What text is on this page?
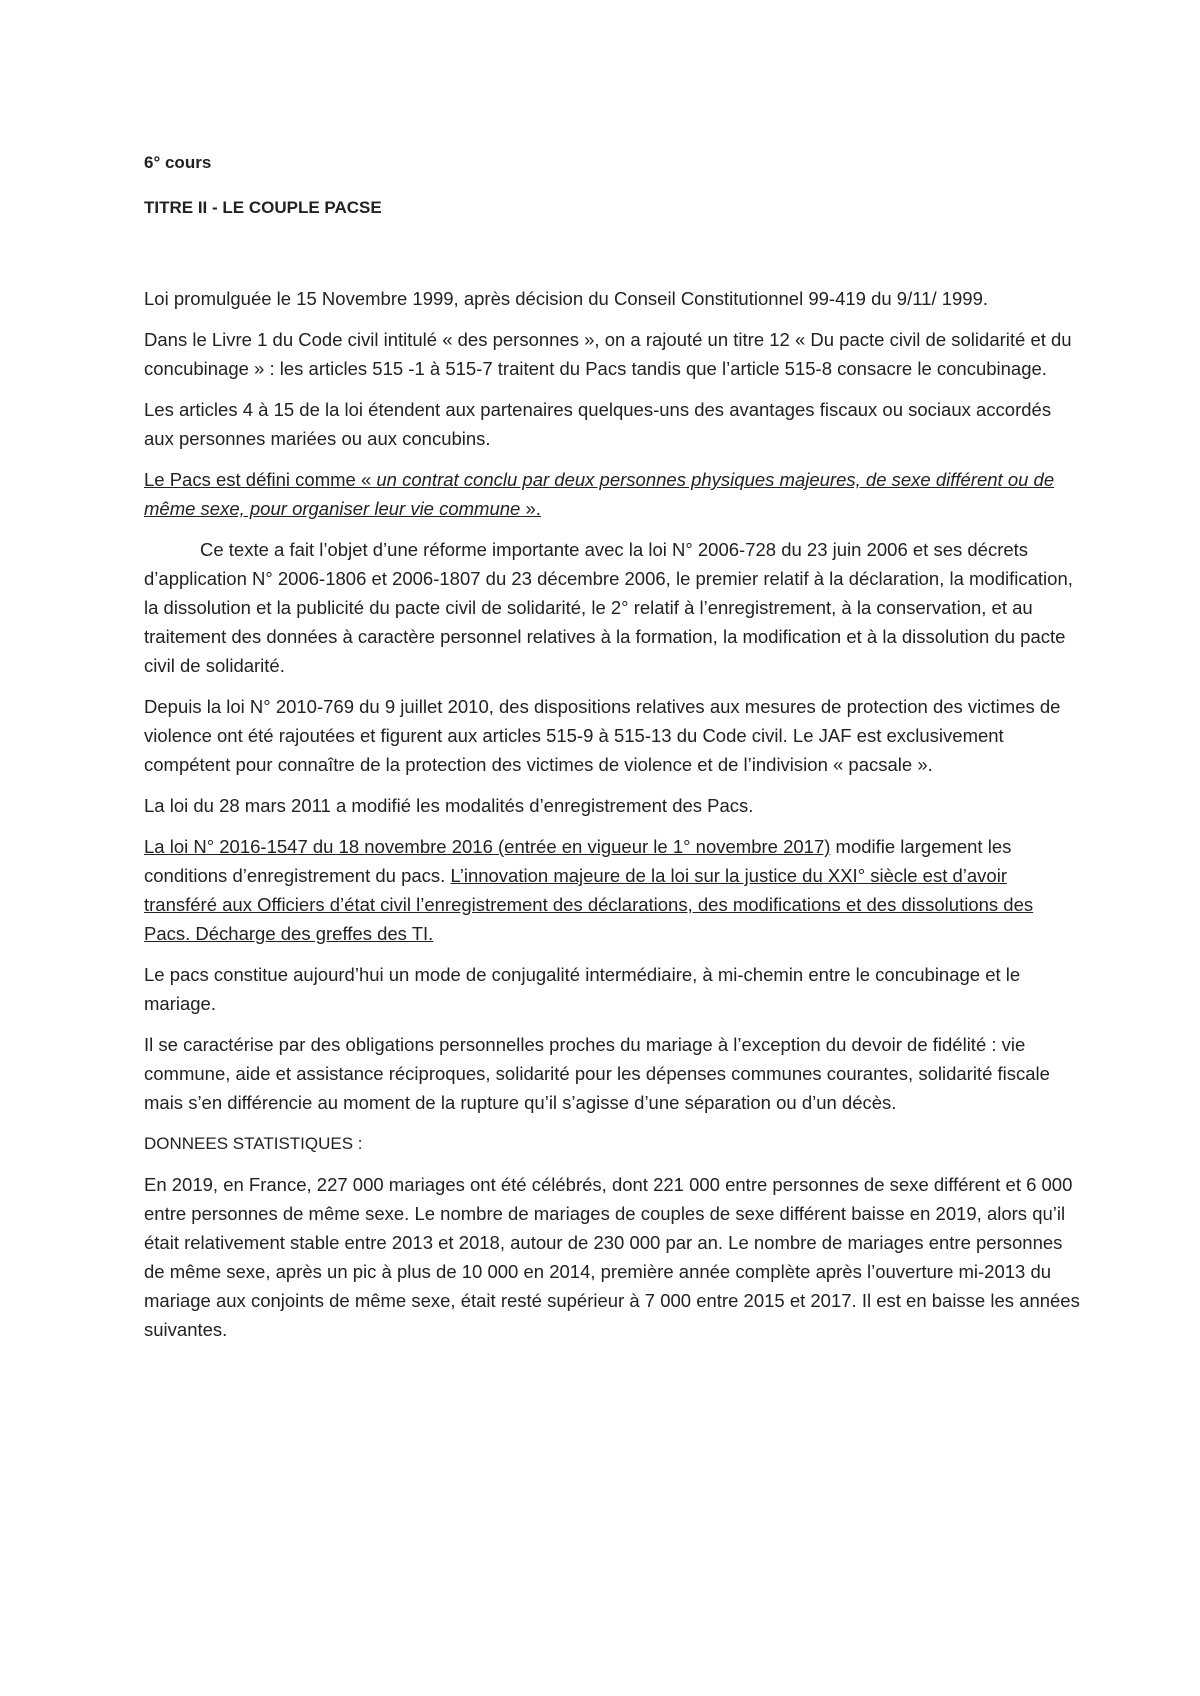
6° cours

TITRE II - LE COUPLE PACSE

Loi promulguée le 15 Novembre 1999, après décision du Conseil Constitutionnel 99-419 du 9/11/ 1999.

Dans le Livre 1 du Code civil intitulé « des personnes », on a rajouté un titre 12 « Du pacte civil de solidarité et du concubinage » : les articles 515 -1 à 515-7 traitent du Pacs tandis que l’article 515-8 consacre le concubinage.

Les articles 4 à 15 de la loi étendent aux partenaires quelques-uns des avantages fiscaux ou sociaux accordés aux personnes mariées ou aux concubins.

Le Pacs est défini comme « un contrat conclu par deux personnes physiques majeures, de sexe différent ou de même sexe, pour organiser leur vie commune ».

Ce texte a fait l’objet d’une réforme importante avec la loi N° 2006-728 du 23 juin 2006 et ses décrets d’application N° 2006-1806 et 2006-1807 du 23 décembre 2006, le premier relatif à la déclaration, la modification, la dissolution et la publicité du pacte civil de solidarité, le 2° relatif à l’enregistrement, à la conservation, et au traitement des données à caractère personnel relatives à la formation, la modification et à la dissolution du pacte civil de solidarité.

Depuis la loi N° 2010-769 du 9 juillet 2010, des dispositions relatives aux mesures de protection des victimes de violence ont été rajoutées et figurent aux articles 515-9 à 515-13 du Code civil. Le JAF est exclusivement compétent pour connaître de la protection des victimes de violence et de l’indivision « pacsale ».

La loi du 28 mars 2011 a modifié les modalités d’enregistrement des Pacs.

La loi N° 2016-1547 du 18 novembre 2016 (entrée en vigueur le 1° novembre 2017) modifie largement les conditions d’enregistrement du pacs. L’innovation majeure de la loi sur la justice du XXI° siècle est d’avoir transféré aux Officiers d’état civil l’enregistrement des déclarations, des modifications et des dissolutions des Pacs. Décharge des greffes des TI.

Le pacs constitue aujourd’hui un mode de conjugalité intermédiaire, à mi-chemin entre le concubinage et le mariage.

Il se caractérise par des obligations personnelles proches du mariage à l’exception du devoir de fidélité : vie commune, aide et assistance réciproques, solidarité pour les dépenses communes courantes, solidarité fiscale mais s’en différencie au moment de la rupture qu’il s’agisse d’une séparation ou d’un décès.

DONNEES STATISTIQUES :

En 2019, en France, 227 000 mariages ont été célébrés, dont 221 000 entre personnes de sexe différent et 6 000 entre personnes de même sexe. Le nombre de mariages de couples de sexe différent baisse en 2019, alors qu’il était relativement stable entre 2013 et 2018, autour de 230 000 par an. Le nombre de mariages entre personnes de même sexe, après un pic à plus de 10 000 en 2014, première année complète après l’ouverture mi-2013 du mariage aux conjoints de même sexe, était resté supérieur à 7 000 entre 2015 et 2017. Il est en baisse les années suivantes.
